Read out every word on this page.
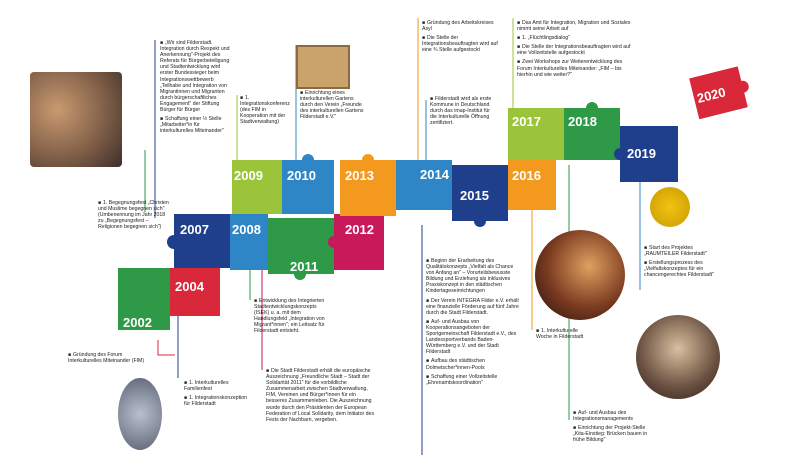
2002
2004
2007 2008
2009 2010
2011
2012
2013	2014
2015
2016
2017 2018
2019
2020

■ Gründung des Forum Interkulturelles Miteinander (FIM)

■ 1. Interkulturelles Familienfest

■ 1. Integrationskonzeption für Filderstadt

■ 1. Begegnungsfest „Christen und Muslime begegnen sich" (Umbenennung im Jahr 2018 zu „Begegnungsfest – Religionen begegnen sich")

■ „Wir sind Filderstadt. Integration durch Respekt und Anerkennung"-Projekt des Referats für Bürgerbeteiligung und Stadtentwicklung wird erster Bundessieger beim Integrationswettbewerb „Teilhabe und Integration von Migrantinnen und Migranten durch bürgerschaftliches Engagement" der Stiftung Bürger für Bürger

■ Schaffung einer ½ Stelle „Mitarbeiter*in für interkulturelles Miteinander"

■ 1. Integrationskonferenz (des FIM in Kooperation mit der Stadtverwaltung)

■ Einrichtung eines interkulturellen Gartens durch den Verein „Freunde des interkulturellen Gartens Filderstadt e.V."

■ Entwicklung des Integrierten Stadtentwicklungskonzepts (ISEK) u. a. mit dem Handlungsfeld „Integration von Migrant*innen"; ein Leitsatz für Filderstadt entsteht.

■ Die Stadt Filderstadt erhält die europäische Auszeichnung „Freundliche Stadt – Stadt der Solidarität 2011" für die vorbildliche Zusammenarbeit zwischen Stadtverwaltung, FIM, Vereinen und Bürger*innen für ein besseres Zusammenleben. Die Auszeichnung wurde durch den Präsidenten der European Federation of Local Solidarity, dem Initiator des Fests der Nachbarn, vergeben.

■ Gründung des Arbeitskreises Asyl

■ Die Stelle der Integrationsbeauftragten wird auf eine ¾ Stelle aufgestockt

■ Filderstadt wird als erste Kommune in Deutschland durch das imap-Institut für die Interkulturelle Öffnung zertifiziert.

■ Beginn der Erarbeitung des Qualitätskonzepts „Vielfalt als Chance von Anfang an" – Vorurteilsbewusste Bildung und Erziehung als inklusives Praxiskonzept in den städtischen Kindertageseinrichtungen

■ Der Verein INTEGRA Filder e.V. erhält eine finanzielle Förderung auf fünf Jahre durch die Stadt Filderstadt.

■ Auf- und Ausbau von Kooperationsangeboten der Sportgemeinschaft Filderstadt e.V., des Landessportverbands Baden-Württemberg e.V. und der Stadt Filderstadt

■ Aufbau des städtischen Dolmetscher*innen-Pools

■ Schaffung einer Vollzeitstelle „Ehrenamtskoordination"

■ 1. Interkulturelle Woche in Filderstadt

■ Das Amt für Integration, Migration und Soziales nimmt seine Arbeit auf

■ 1. „Flüchtlingsdialog"

■ Die Stelle der Integrationsbeauftragten wird auf eine Vollzeitstelle aufgestockt

■ Zwei Workshops zur Weiterentwicklung des Forum Interkulturelles Miteinander: „FIM – bis hierhin und wie weiter?"

■ Auf- und Ausbau des Integrationsmanagements

■ Einrichtung der Projekt-Stelle „Kita-Einstieg: Brücken bauen in frühe Bildung"

■ Start des Projektes „RAUMTEILER Filderstadt"

■ Erstellungsprozess des „Vielfaltskonzeptes für ein chancengerechtes Filderstadt"
